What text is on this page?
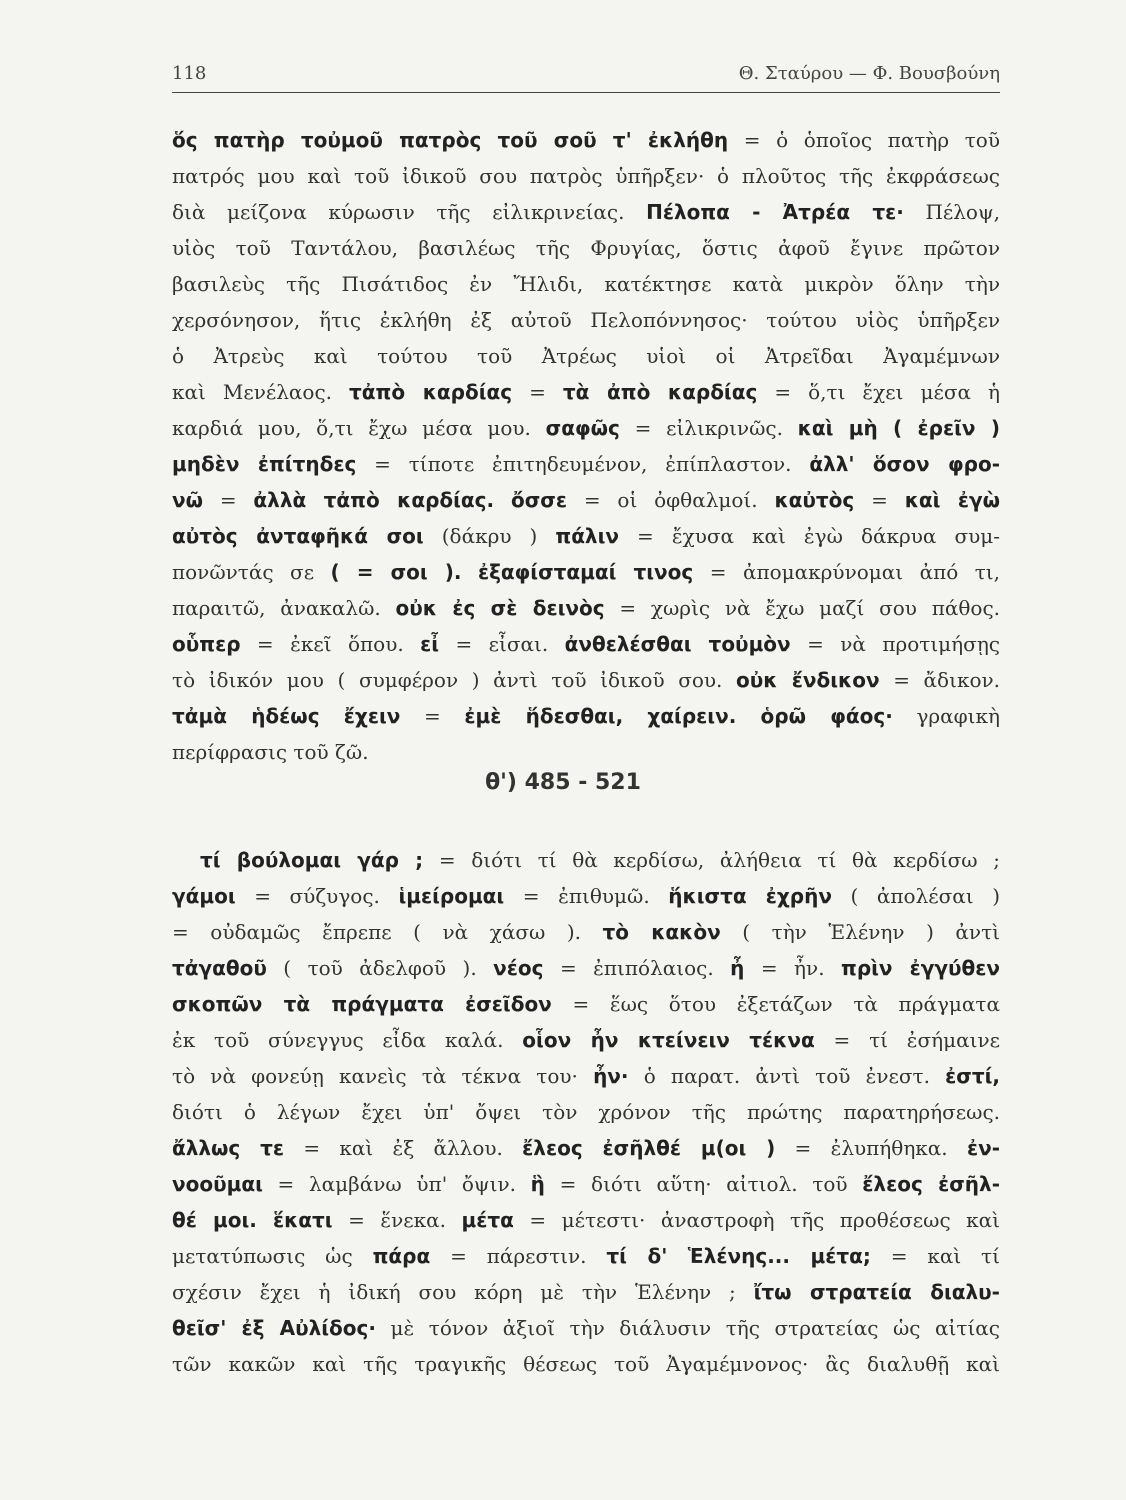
118	Θ. Σταύρου — Φ. Βουσβούνη
ὅς πατὴρ τοὐμοῦ πατρὸς τοῦ σοῦ τ' ἐκλήθη = ὁ ὁποῖος πατὴρ τοῦ
πατρός μου καὶ τοῦ ἰδικοῦ σου πατρὸς ὑπῆρξεν· ὁ πλοῦτος τῆς ἐκφράσεως
διὰ μείζονα κύρωσιν τῆς εἰλικρινείας. Πέλοπα - Ἀτρέα τε· Πέλοψ,
υἱὸς τοῦ Ταντάλου, βασιλέως τῆς Φρυγίας, ὅστις ἀφοῦ ἔγινε πρῶτον
βασιλεὺς τῆς Πισάτιδος ἐν Ἤλιδι, κατέκτησε κατὰ μικρὸν ὅλην τὴν
χερσόνησον, ἥτις ἐκλήθη ἐξ αὐτοῦ Πελοπόννησος· τούτου υἱὸς ὑπῆρξεν
ὁ Ἀτρεὺς καὶ τούτου τοῦ Ἀτρέως υἱοὶ οἱ Ἀτρεῖδαι Ἀγαμέμνων
καὶ Μενέλαος. τἀπὸ καρδίας = τὰ ἀπὸ καρδίας = ὅ,τι ἔχει μέσα ἡ
καρδιά μου, ὅ,τι ἔχω μέσα μου. σαφῶς = εἰλικρινῶς. καὶ μὴ ( ἐρεῖν )
μηδὲν ἐπίτηδες = τίποτε ἐπιτηδευμένον, ἐπίπλαστον. ἀλλ' ὅσον φρο-
νῶ = ἀλλὰ τἀπὸ καρδίας. ὄσσε = οἱ ὀφθαλμοί. καὐτὸς = καὶ ἐγὼ
αὐτὸς ἀνταφῆκά σοι (δάκρυ ) πάλιν = ἔχυσα καὶ ἐγὼ δάκρυα συμ-
πονῶντάς σε ( = σοι ). ἐξαφίσταμαί τινος = ἀπομακρύνομαι ἀπό τι,
παραιτῶ, ἀνακαλῶ. οὐκ ἐς σὲ δεινὸς = χωρὶς νὰ ἔχω μαζί σου πάθος.
οὗπερ = ἐκεῖ ὅπου. εἶ = εἶσαι. ἀνθελέσθαι τοὐμὸν = νὰ προτιμήσῃς
τὸ ἰδικόν μου ( συμφέρον ) ἀντὶ τοῦ ἰδικοῦ σου. οὐκ ἔνδικον = ἄδικον.
τἀμὰ ἡδέως ἔχειν = ἐμὲ ἥδεσθαι, χαίρειν. ὁρῶ φάος· γραφικὴ
περίφρασις τοῦ ζῶ.
θ') 485 - 521
τί βούλομαι γάρ ; = διότι τί θὰ κερδίσω, ἀλήθεια τί θὰ κερδίσω ;
γάμοι = σύζυγος. ἱμείρομαι = ἐπιθυμῶ. ἥκιστα ἐχρῆν ( ἀπολέσαι )
= οὐδαμῶς ἔπρεπε ( νὰ χάσω ). τὸ κακὸν ( τὴν Ἑλένην ) ἀντὶ
τἀγαθοῦ ( τοῦ ἀδελφοῦ ). νέος = ἐπιπόλαιος. ἦ = ἦν. πρὶν ἐγγύθεν
σκοπῶν τὰ πράγματα ἐσεῖδον = ἕως ὅτου ἐξετάζων τὰ πράγματα
ἐκ τοῦ σύνεγγυς εἶδα καλά. οἷον ἦν κτείνειν τέκνα = τί ἐσήμαινε
τὸ νὰ φονεύῃ κανεὶς τὰ τέκνα του· ἦν· ὁ παρατ. ἀντὶ τοῦ ἐνεστ. ἐστί,
διότι ὁ λέγων ἔχει ὑπ' ὄψει τὸν χρόνον τῆς πρώτης παρατηρήσεως.
ἄλλως τε = καὶ ἐξ ἄλλου. ἔλεος ἐσῆλθέ μ(οι ) = ἐλυπήθηκα. ἐν-
νοοῦμαι = λαμβάνω ὑπ' ὄψιν. ἣ = διότι αὕτη· αἰτιολ. τοῦ ἔλεος ἐσῆλ-
θέ μοι. ἕκατι = ἕνεκα. μέτα = μέτεστι· ἀναστροφὴ τῆς προθέσεως καὶ
μετατύπωσις ὡς πάρα = πάρεστιν. τί δ' Ἑλένης... μέτα; = καὶ τί
σχέσιν ἔχει ἡ ἰδική σου κόρη μὲ τὴν Ἑλένην ; ἴτω στρατεία διαλυ-
θεῖσ' ἐξ Αὐλίδος· μὲ τόνον ἀξιοῖ τὴν διάλυσιν τῆς στρατείας ὡς αἰτίας
τῶν κακῶν καὶ τῆς τραγικῆς θέσεως τοῦ Ἀγαμέμνονος· ἂς διαλυθῇ καὶ
